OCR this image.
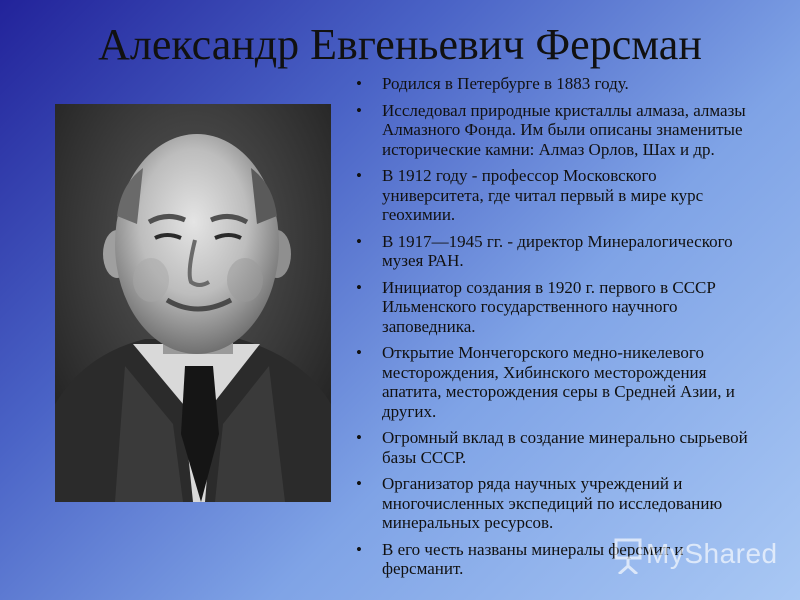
Александр Евгеньевич Ферсман
• Родился в Петербурге в 1883 году.
• Исследовал природные кристаллы алмаза, алмазы Алмазного Фонда. Им были описаны знаменитые исторические камни: Алмаз Орлов, Шах и др.
• В 1912 году - профессор Московского университета, где читал первый в мире курс геохимии.
• В 1917—1945 гг. - директор Минералогического музея РАН.
• Инициатор создания в 1920 г. первого в СССР Ильменского государственного научного заповедника.
• Открытие Мончегорского медно-никелевого месторождения, Хибинского месторождения апатита, месторождения серы в Средней Азии, и других.
• Огромный вклад в создание минерально сырьевой базы СССР.
• Организатор ряда научных учреждений и многочисленных экспедиций по исследованию минеральных ресурсов.
• В его честь названы минералы ферсмит и ферсманит.	MyShared
